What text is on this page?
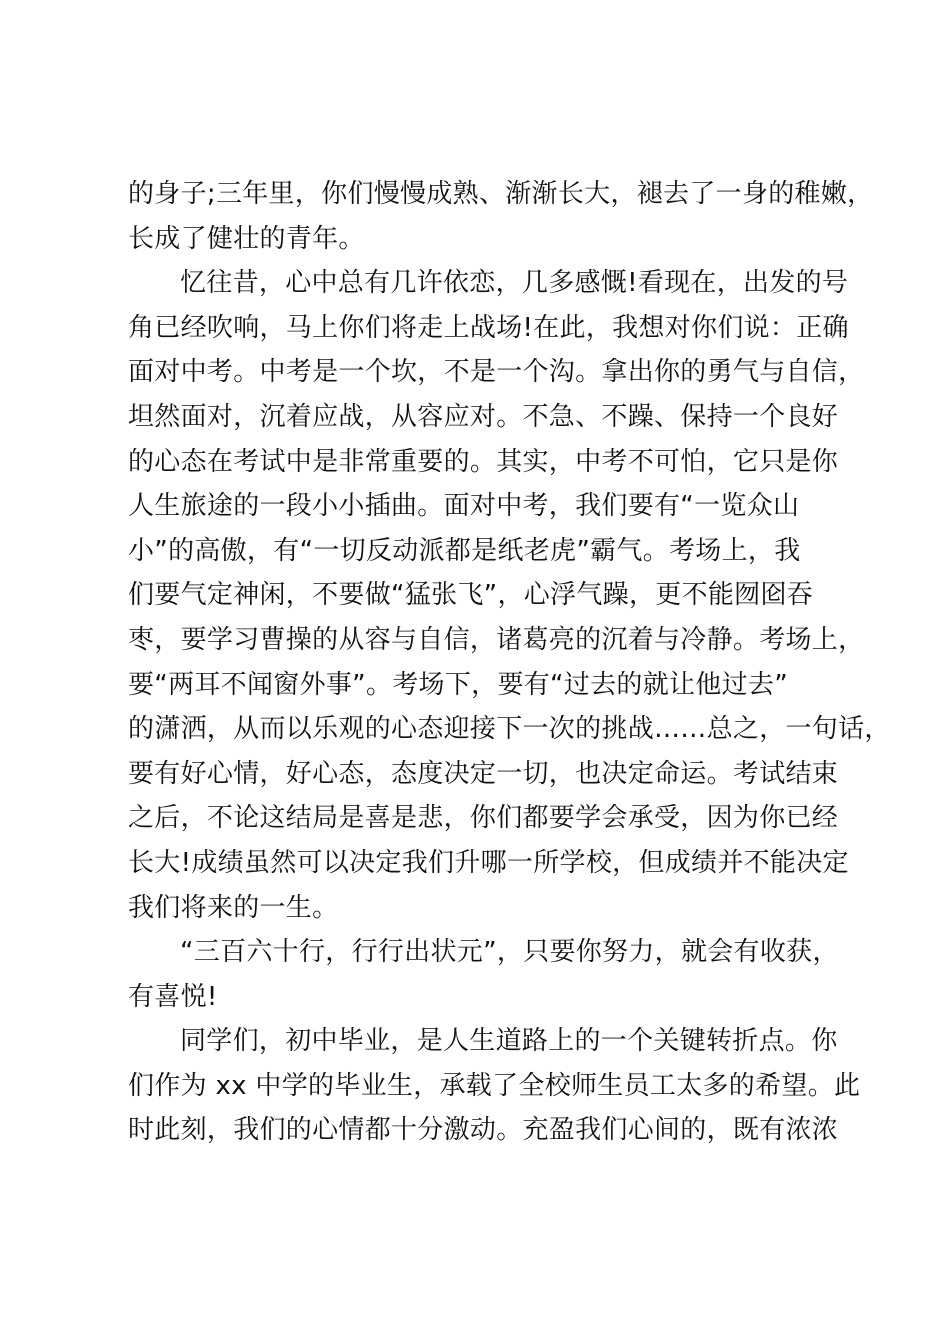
的身子;三年里，你们慢慢成熟、渐渐长大，褪去了一身的稚嫩，
长成了健壮的青年。

忆往昔，心中总有几许依恋，几多感慨!看现在，出发的号
角已经吹响，马上你们将走上战场!在此，我想对你们说：正确
面对中考。中考是一个坎，不是一个沟。拿出你的勇气与自信，
坦然面对，沉着应战，从容应对。不急、不躁、保持一个良好
的心态在考试中是非常重要的。其实，中考不可怕，它只是你
人生旅途的一段小小插曲。面对中考，我们要有“一览众山
小”的高傲，有“一切反动派都是纸老虎”霸气。考场上，我
们要气定神闲，不要做“猛张飞”，心浮气躁，更不能囫囵吞
枣，要学习曹操的从容与自信，诸葛亮的沉着与冷静。考场上，
要“两耳不闻窗外事”。考场下，要有“过去的就让他过去”
的潇洒，从而以乐观的心态迎接下一次的挑战……总之，一句话，
要有好心情，好心态，态度决定一切，也决定命运。考试结束
之后，不论这结局是喜是悲，你们都要学会承受，因为你已经
长大!成绩虽然可以决定我们升哪一所学校，但成绩并不能决定
我们将来的一生。

“三百六十行，行行出状元”，只要你努力，就会有收获，
有喜悦!

同学们，初中毕业，是人生道路上的一个关键转折点。你
们作为 xx 中学的毕业生，承载了全校师生员工太多的希望。此
时此刻，我们的心情都十分激动。充盈我们心间的，既有浓浓
